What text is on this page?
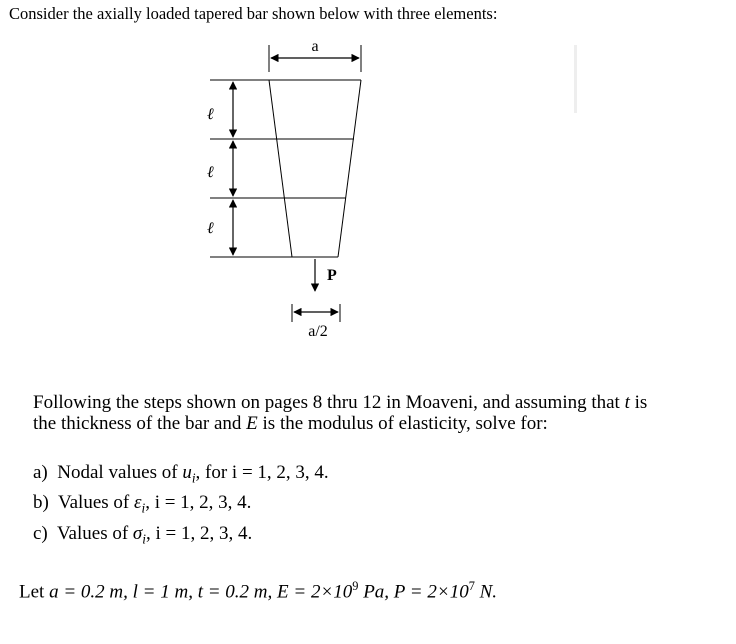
Consider the axially loaded tapered bar shown below with three elements:
a
ℓ
ℓ
ℓ
P
a/2
Following the steps shown on pages 8 thru 12 in Moaveni, and assuming that t is
the thickness of the bar and E is the modulus of elasticity, solve for:
a) Nodal values of $u_i$, for i = 1, 2, 3, 4.
b) Values of $\varepsilon_i$, i = 1, 2, 3, 4.
c) Values of $\sigma_i$, i = 1, 2, 3, 4.
Let a = 0.2 m, l = 1 m, t = 0.2 m, $E = 2\times 10^9$ Pa, $P = 2\times 10^7$ N.
